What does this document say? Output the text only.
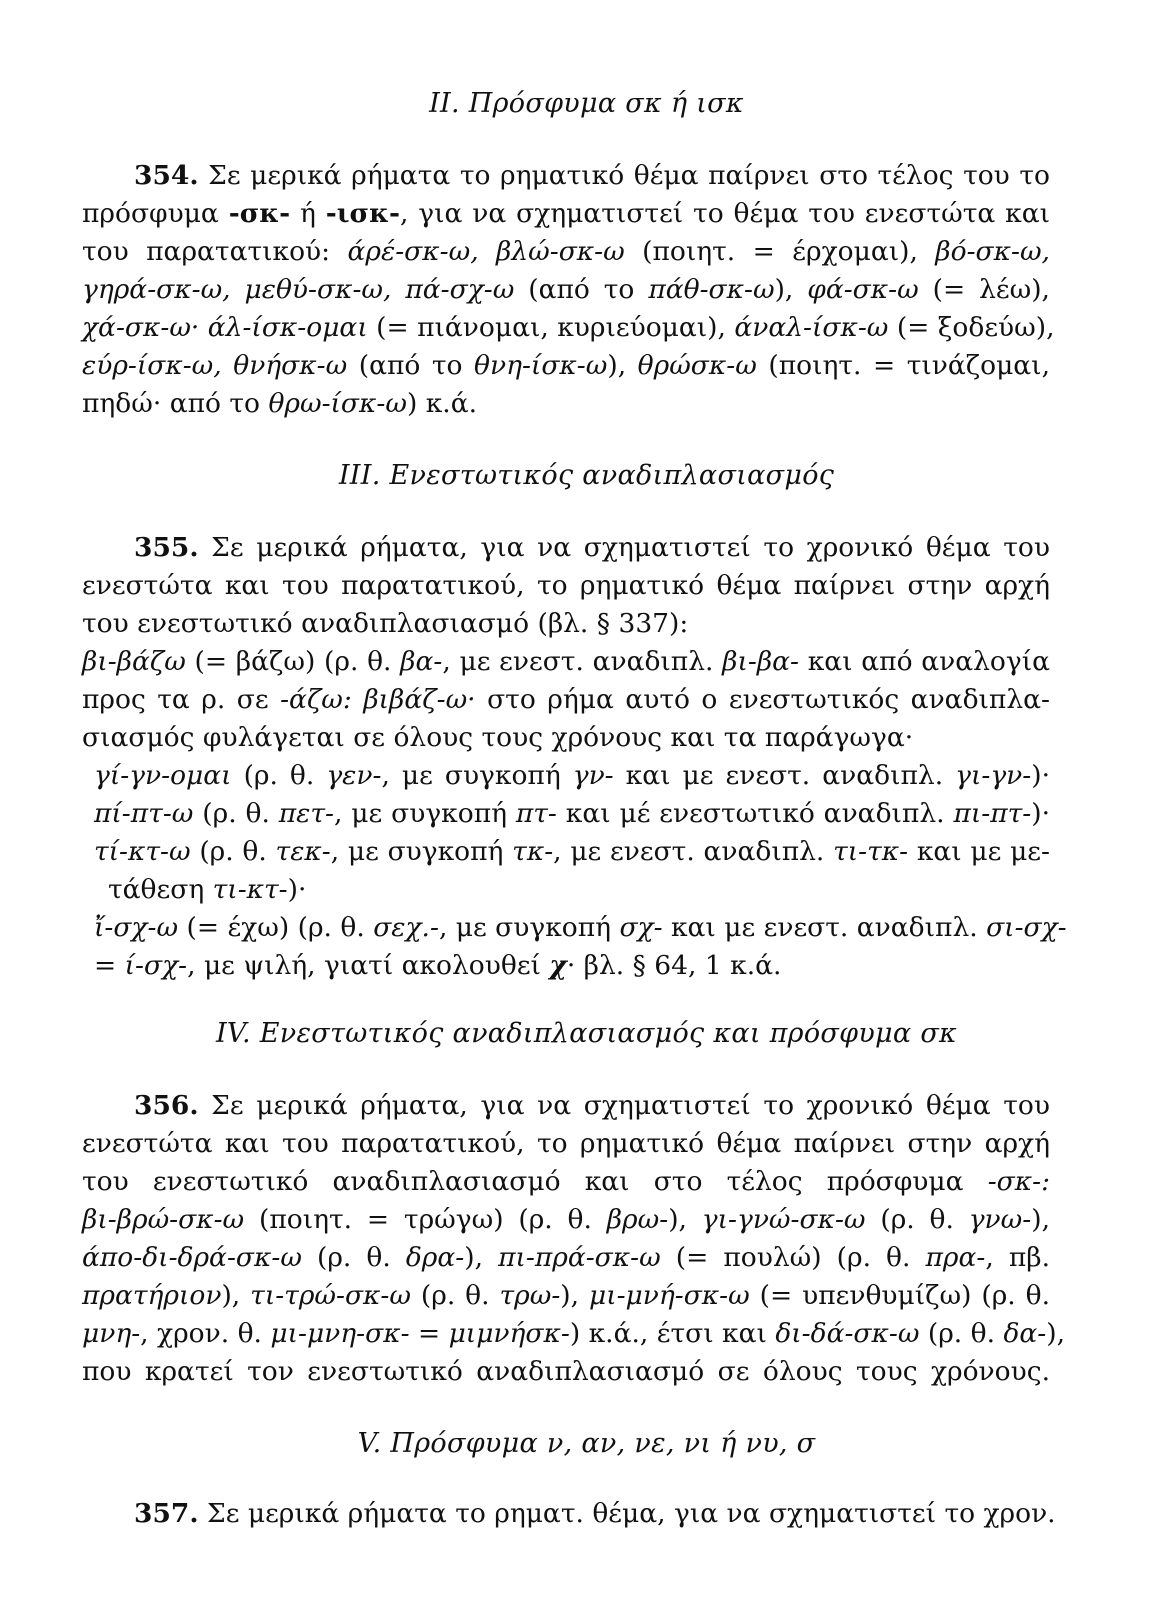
II. Πρόσφυμα σκ ή ισκ
354. Σε μερικά ρήματα το ρηματικό θέμα παίρνει στο τέλος του το
πρόσφυμα -σκ- ή -ισκ-, για να σχηματιστεί το θέμα του ενεστώτα και
του παρατατικού: άρέ-σκ-ω, βλώ-σκ-ω (ποιητ. = έρχομαι), βό-σκ-ω,
γηρά-σκ-ω, μεθύ-σκ-ω, πά-σχ-ω (από το πάθ-σκ-ω), φά-σκ-ω (= λέω),
χά-σκ-ω· άλ-ίσκ-ομαι (= πιάνομαι, κυριεύομαι), άναλ-ίσκ-ω (= ξοδεύω),
εύρ-ίσκ-ω, θνήσκ-ω (από το θνη-ίσκ-ω), θρώσκ-ω (ποιητ. = τινάζομαι,
πηδώ· από το θρω-ίσκ-ω) κ.ά.
III. Ενεστωτικός αναδιπλασιασμός
355. Σε μερικά ρήματα, για να σχηματιστεί το χρονικό θέμα του
ενεστώτα και του παρατατικού, το ρηματικό θέμα παίρνει στην αρχή
του ενεστωτικό αναδιπλασιασμό (βλ. § 337):
βι-βάζω (= βάζω) (ρ. θ. βα-, με ενεστ. αναδιπλ. βι-βα- και από αναλογία
προς τα ρ. σε -άζω: βιβάζ-ω· στο ρήμα αυτό ο ενεστωτικός αναδιπλα-
σιασμός φυλάγεται σε όλους τους χρόνους και τα παράγωγα·
γί-γν-ομαι (ρ. θ. γεν-, με συγκοπή γν- και με ενεστ. αναδιπλ. γι-γν-)·
πί-πτ-ω (ρ. θ. πετ-, με συγκοπή πτ- και μέ ενεστωτικό αναδιπλ. πι-πτ-)·
τί-κτ-ω (ρ. θ. τεκ-, με συγκοπή τκ-, με ενεστ. αναδιπλ. τι-τκ- και με με-
τάθεση τι-κτ-)·
ἴ-σχ-ω (= έχω) (ρ. θ. σεχ.-, με συγκοπή σχ- και με ενεστ. αναδιπλ. σι-σχ-
= ί-σχ-, με ψιλή, γιατί ακολουθεί χ· βλ. § 64, 1 κ.ά.
IV. Ενεστωτικός αναδιπλασιασμός και πρόσφυμα σκ
356. Σε μερικά ρήματα, για να σχηματιστεί το χρονικό θέμα του
ενεστώτα και του παρατατικού, το ρηματικό θέμα παίρνει στην αρχή
του ενεστωτικό αναδιπλασιασμό και στο τέλος πρόσφυμα -σκ-:
βι-βρώ-σκ-ω (ποιητ. = τρώγω) (ρ. θ. βρω-), γι-γνώ-σκ-ω (ρ. θ. γνω-),
άπο-δι-δρά-σκ-ω (ρ. θ. δρα-), πι-πρά-σκ-ω (= πουλώ) (ρ. θ. πρα-, πβ.
πρατήριον), τι-τρώ-σκ-ω (ρ. θ. τρω-), μι-μνή-σκ-ω (= υπενθυμίζω) (ρ. θ.
μνη-, χρον. θ. μι-μνη-σκ- = μιμνήσκ-) κ.ά., έτσι και δι-δά-σκ-ω (ρ. θ. δα-),
που κρατεί τον ενεστωτικό αναδιπλασιασμό σε όλους τους χρόνους.
V. Πρόσφυμα ν, αν, νε, νι ή νυ, σ
357. Σε μερικά ρήματα το ρηματ. θέμα, για να σχηματιστεί το χρον.
